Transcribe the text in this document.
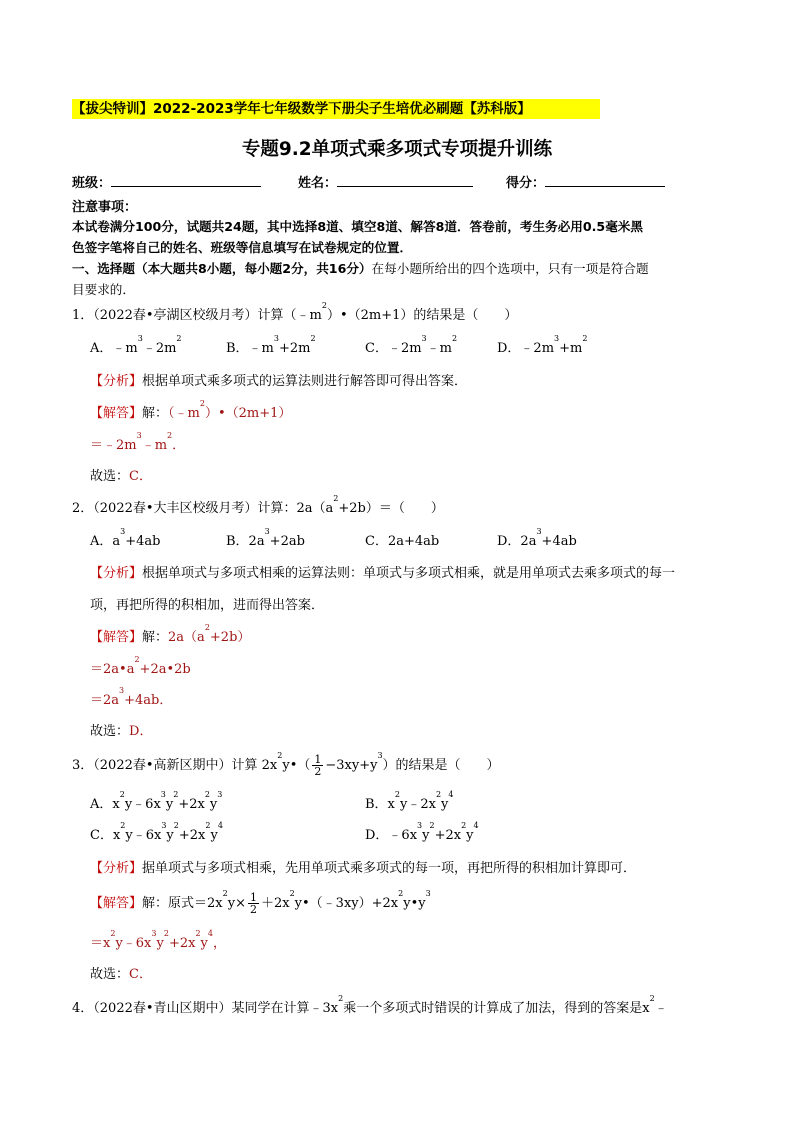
【拔尖特训】2022-2023学年七年级数学下册尖子生培优必刷题【苏科版】
专题9.2单项式乘多项式专项提升训练
班级：	姓名：	得分：
注意事项：
本试卷满分100分，试题共24题，其中选择8道、填空8道、解答8道．答卷前，考生务必用0.5毫米黑
色签字笔将自己的姓名、班级等信息填写在试卷规定的位置．
一、选择题（本大题共8小题，每小题2分，共16分）在每小题所给出的四个选项中，只有一项是符合题
目要求的．
1．（2022春•亭湖区校级月考）计算$(﹣m^2)•(2m+1)$的结果是（　　）
A．$﹣m^3﹣2m^2$
B．$﹣m^3+2m^2$
C．$﹣2m^3﹣m^2$
D．$﹣2m^3+m^2$
【分析】根据单项式乘多项式的运算法则进行解答即可得出答案．
【解答】解：$(﹣m^2)•(2m+1)$
$=﹣2m^3﹣m^2$．
故选：C．
2．（2022春•大丰区校级月考）计算：$2a(a^2+2b)=$（　　）
A．$a^3+4ab$	B．$2a^3+2ab$	C．2a+4ab	D．$2a^3+4ab$
【分析】根据单项式与多项式相乘的运算法则：单项式与多项式相乘，就是用单项式去乘多项式的每一
项，再把所得的积相加，进而得出答案．
【解答】解：$2a(a^2+2b)$
$=2a•a^2+2a•2b$
$=2a^3+4ab$．
故选：D．
3．（2022春•高新区期中）计算 $2x^2y•( \frac{1}{2} -3xy+y^3)$的结果是（　　）
A．$x^2y﹣6x^3y^2+2x^2y^3$
B．$x^2y﹣2x^2y^4$
C．$x^2y﹣6x^3y^2+2x^2y^4$
D．$﹣6x^3y^2+2x^2y^4$
【分析】据单项式与多项式相乘，先用单项式乘多项式的每一项，再把所得的积相加计算即可．
【解答】解：原式$=2x^2y\times \frac{1}{2}$ $+2x^2y•(﹣3xy)+2x^2y•y^3$
$=x^2y﹣6x^3y^2+2x^2y^4$，
故选：C．
4．（2022春•青山区期中）某同学在计算$﹣3x^2$乘一个多项式时错误的计算成了加法，得到的答案是$x^2﹣$
